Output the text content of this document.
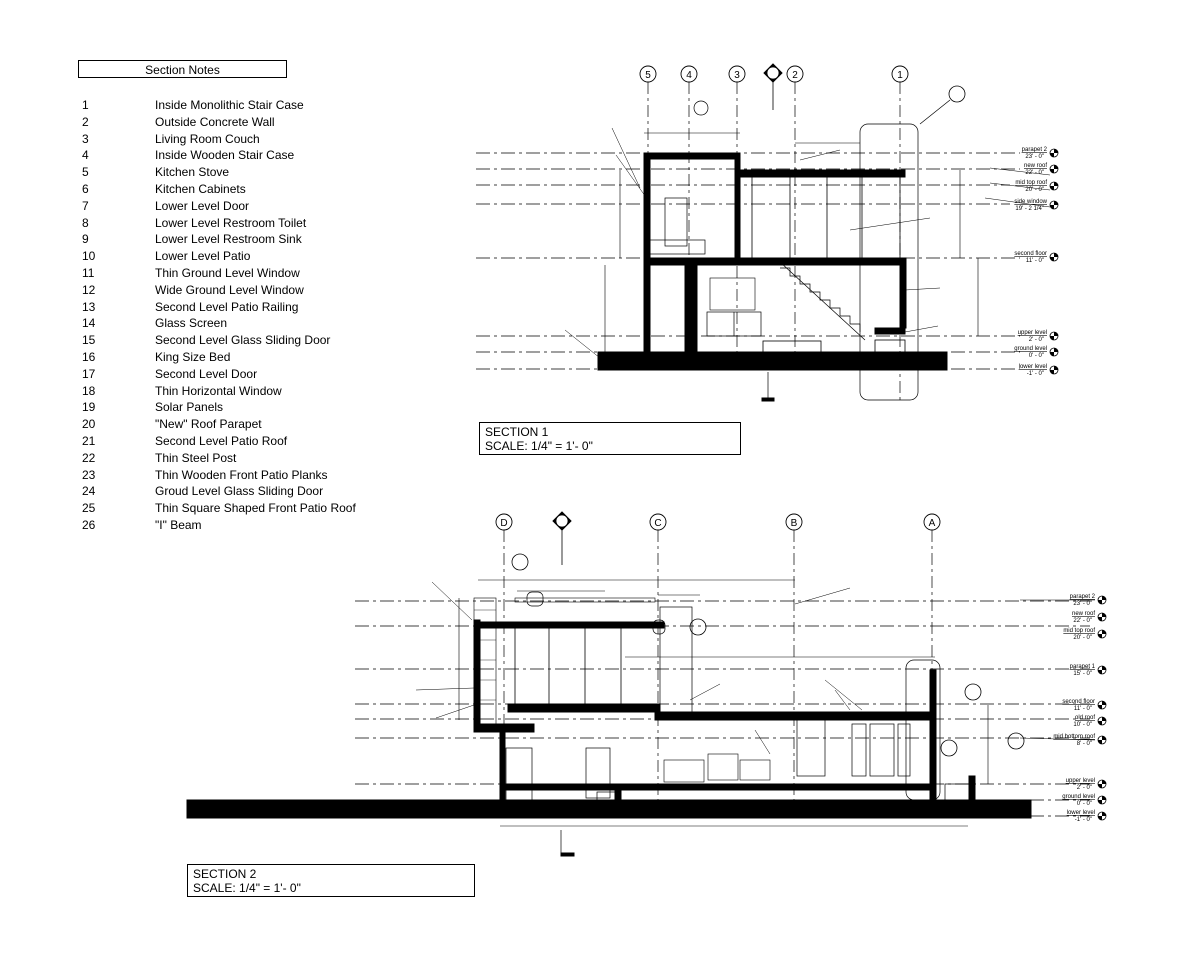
Section Notes
1	Inside Monolithic Stair Case
2	Outside Concrete Wall
3	Living Room Couch
4	Inside Wooden Stair Case
5	Kitchen Stove
6	Kitchen Cabinets
7	Lower Level Door
8	Lower Level Restroom Toilet
9	Lower Level Restroom Sink
10	Lower Level Patio
11	Thin Ground Level Window
12	Wide Ground Level Window
13	Second Level Patio Railing
14	Glass Screen
15	Second Level Glass Sliding Door
16	King Size Bed
17	Second Level Door
18	Thin Horizontal Window
19	Solar Panels
20	"New" Roof Parapet
21	Second Level Patio Roof
22	Thin Steel Post
23	Thin Wooden Front Patio Planks
24	Groud Level Glass Sliding Door
25	Thin Square Shaped Front Patio Roof
26	"I" Beam
SECTION 1
SCALE: 1/4" = 1'- 0"
SECTION 2
SCALE: 1/4" = 1'- 0"
5	4	3	2	1
parapet 2
23' - 0"
new roof
22' - 0"
mid top roof
20' - 0"
side window
19' - 2 1/4"
second floor
11' - 0"
upper level
2' - 0"
ground level
0' - 0"
lower level
-1' - 0"
D	C	B	A
parapet 2
23' - 0"
new roof
22' - 0"
mid top roof
20' - 0"
parapet 1
15' - 0"
second floor
11' - 0"
old roof
10' - 0"
mid bottom roof
8' - 0"
upper level
2' - 0"
ground level
0' - 0"
lower level
-1' - 0"
